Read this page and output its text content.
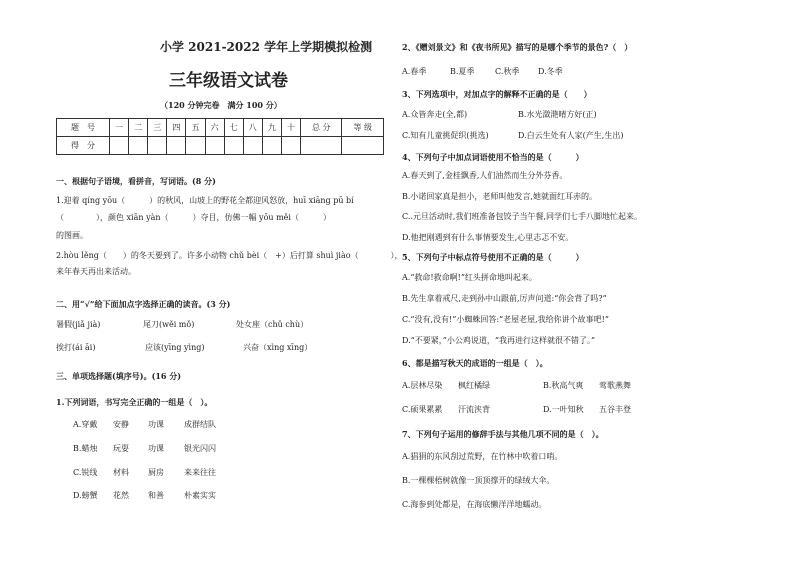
小学 2021-2022 学年上学期模拟检测
三年级语文试卷
（120 分钟完卷　满分 100 分）
题　号	一	二	三	四	五	六	七	八	九	十	总 分	等 级
得　分												
一、根据句子语境，看拼音，写词语。(8 分)
1.迎着 qíng yōu（　　　）的秋风，山坡上的野花全都迎风怒放，huī xiāng pū bí
（　　　　），颜色 xiān yàn（　　　）夺目，仿佛一幅 yōu měi（　　　）
的图画。
2.hòu lěng（　　）的冬天要到了。许多小动物 chǔ bèi（　+）后打算 shuì jiào（　　　　），
来年春天再出来活动。
二、用“√”给下面加点字选择正确的读音。(3 分)
暑假(jiǎ jià)	尾刀(wěi mǒ)	处女座（chǔ chù）
挨打(ái āi)	应该(yīng yìng)	兴奋（xìng xīng）
三、单项选择题(填序号)。(16 分)
1.下列词语，书写完全正确的一组是（　）。
A.穿戴 安静 功课	成群结队
B.蜡烛 玩耍 功课	银光闪闪
C.锐线 材料 厨房	来来往往
D.螃蟹 花然 和善	朴素实实
2、《赠刘景文》和《夜书所见》描写的是哪个季节的景色?（　）
A.春季	B.夏季	C.秋季 D.冬季
3、下列选项中，对加点字的解释不正确的是（　　）
A.众皆奔走(全,都)	B.水光潋滟晴方好(正)
C.知有儿童挑促织(挑选)	D.白云生处有人家(产生,生出)
4、下列句子中加点词语使用不恰当的是（　　　）
A.春天到了,金桂飘香,人们油然而生分外芬香。
B.小诺回家真是担小，老师叫他发言,她就面红耳赤的。
C..元旦活动时,我们班准备包饺子当午餐,同学们七手八脚地忙起来。
D.他把刚遇到有什么事情要发生,心里志忑不安。
5、下列句子中标点符号使用不正确的是（　　　）
A.“救命!救命啊!”红头拼命地叫起来。
B.先生拿着戒尺,走到孙中山跟前,厉声问道:“你会背了吗?”
C.“没有,没有!”小蜘蛛回答:“老屋老屋,我给你讲个故事吧!”
D.“不要紧，”小公鸡说道，“我再进行这样就很不错了。”
6、都是描写秋天的成语的一组是（　）。
A.层林尽染 枫红橘绿	B.秋高气爽 莺歌燕舞
C.硕果累累 汗流浃背	D.一叶知秋 五谷丰登
7、下列句子运用的修辞手法与其他几项不同的是（　）。
A.猖狷的东风刮过荒野，在竹林中吹着口哨。
B.一棵棵梧树就像一顶顶撑开的绿绒大伞。
C.海参到处都是，在海底懒洋洋地蠕动。
